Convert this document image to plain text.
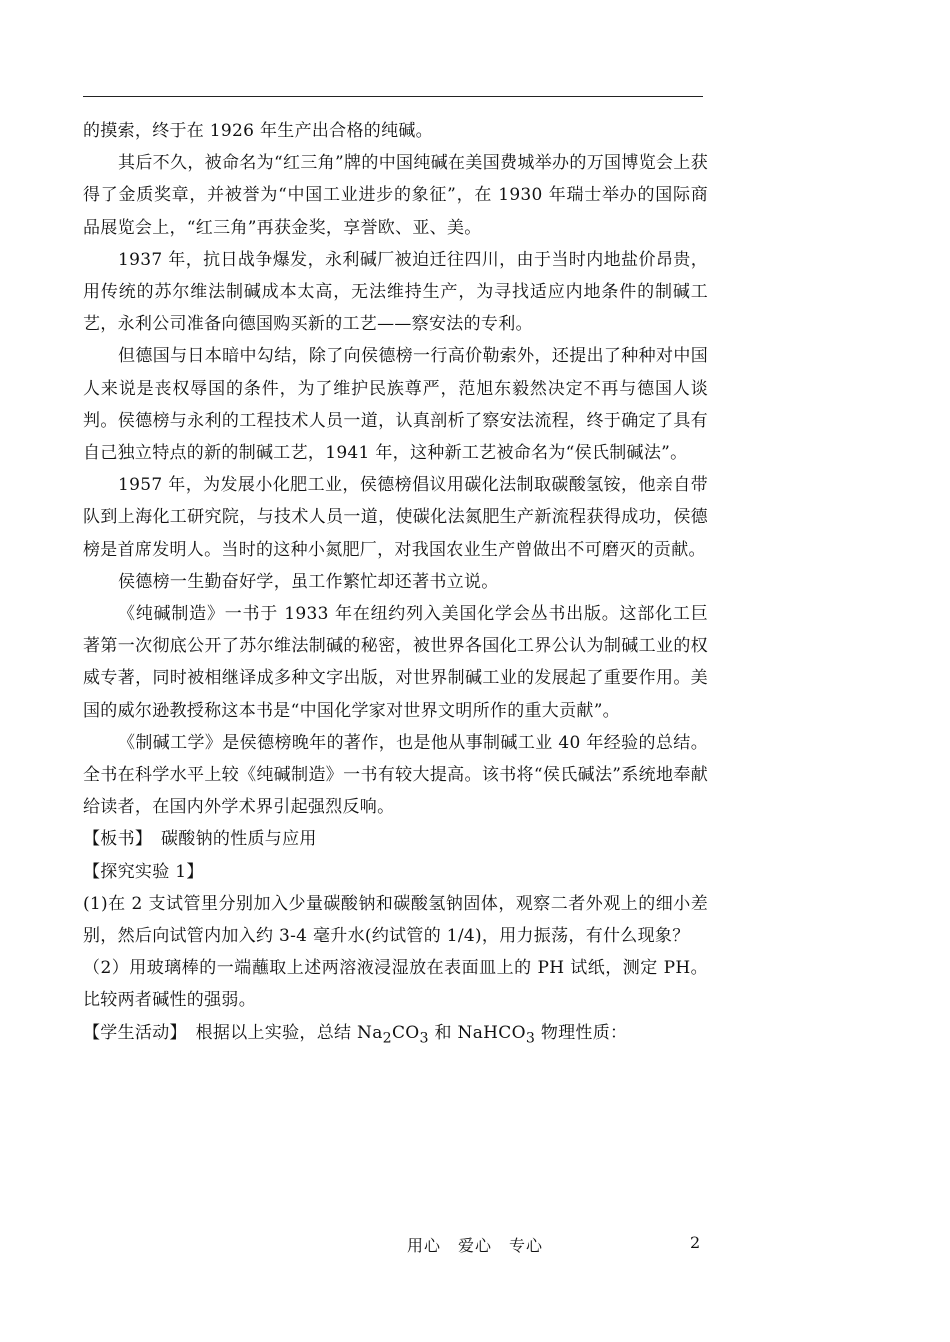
的摸索，终于在 1926 年生产出合格的纯碱。

其后不久，被命名为“红三角”牌的中国纯碱在美国费城举办的万国博览会上获得了金质奖章，并被誉为“中国工业进步的象征”，在 1930 年瑞士举办的国际商品展览会上，“红三角”再获金奖，享誉欧、亚、美。

1937 年，抗日战争爆发，永利碱厂被迫迁往四川，由于当时内地盐价昂贵，用传统的苏尔维法制碱成本太高，无法维持生产，为寻找适应内地条件的制碱工艺，永利公司准备向德国购买新的工艺——察安法的专利。

但德国与日本暗中勾结，除了向侯德榜一行高价勒索外，还提出了种种对中国人来说是丧权辱国的条件，为了维护民族尊严，范旭东毅然决定不再与德国人谈判。侯德榜与永利的工程技术人员一道，认真剖析了察安法流程，终于确定了具有自己独立特点的新的制碱工艺，1941 年，这种新工艺被命名为“侯氏制碱法”。

1957 年，为发展小化肥工业，侯德榜倡议用碳化法制取碳酸氢铵，他亲自带队到上海化工研究院，与技术人员一道，使碳化法氮肥生产新流程获得成功，侯德榜是首席发明人。当时的这种小氮肥厂，对我国农业生产曾做出不可磨灭的贡献。

侯德榜一生勤奋好学，虽工作繁忙却还著书立说。

《纯碱制造》一书于 1933 年在纽约列入美国化学会丛书出版。这部化工巨著第一次彻底公开了苏尔维法制碱的秘密，被世界各国化工界公认为制碱工业的权威专著，同时被相继译成多种文字出版，对世界制碱工业的发展起了重要作用。美国的威尔逊教授称这本书是“中国化学家对世界文明所作的重大贡献”。

《制碱工学》是侯德榜晚年的著作，也是他从事制碱工业 40 年经验的总结。全书在科学水平上较《纯碱制造》一书有较大提高。该书将“侯氏碱法”系统地奉献给读者，在国内外学术界引起强烈反响。

【板书】　碳酸钠的性质与应用

【探究实验 1】

(1)在 2 支试管里分别加入少量碳酸钠和碳酸氢钠固体，观察二者外观上的细小差别，然后向试管内加入约 3-4 毫升水(约试管的 1/4)，用力振荡，有什么现象？

（2）用玻璃棒的一端蘸取上述两溶液浸湿放在表面皿上的 PH 试纸，测定 PH。比较两者碱性的强弱。

【学生活动】　根据以上实验，总结 $Na_2CO_3$ 和 NaHCO$_3$ 物理性质：

用心　爱心　专心	2
